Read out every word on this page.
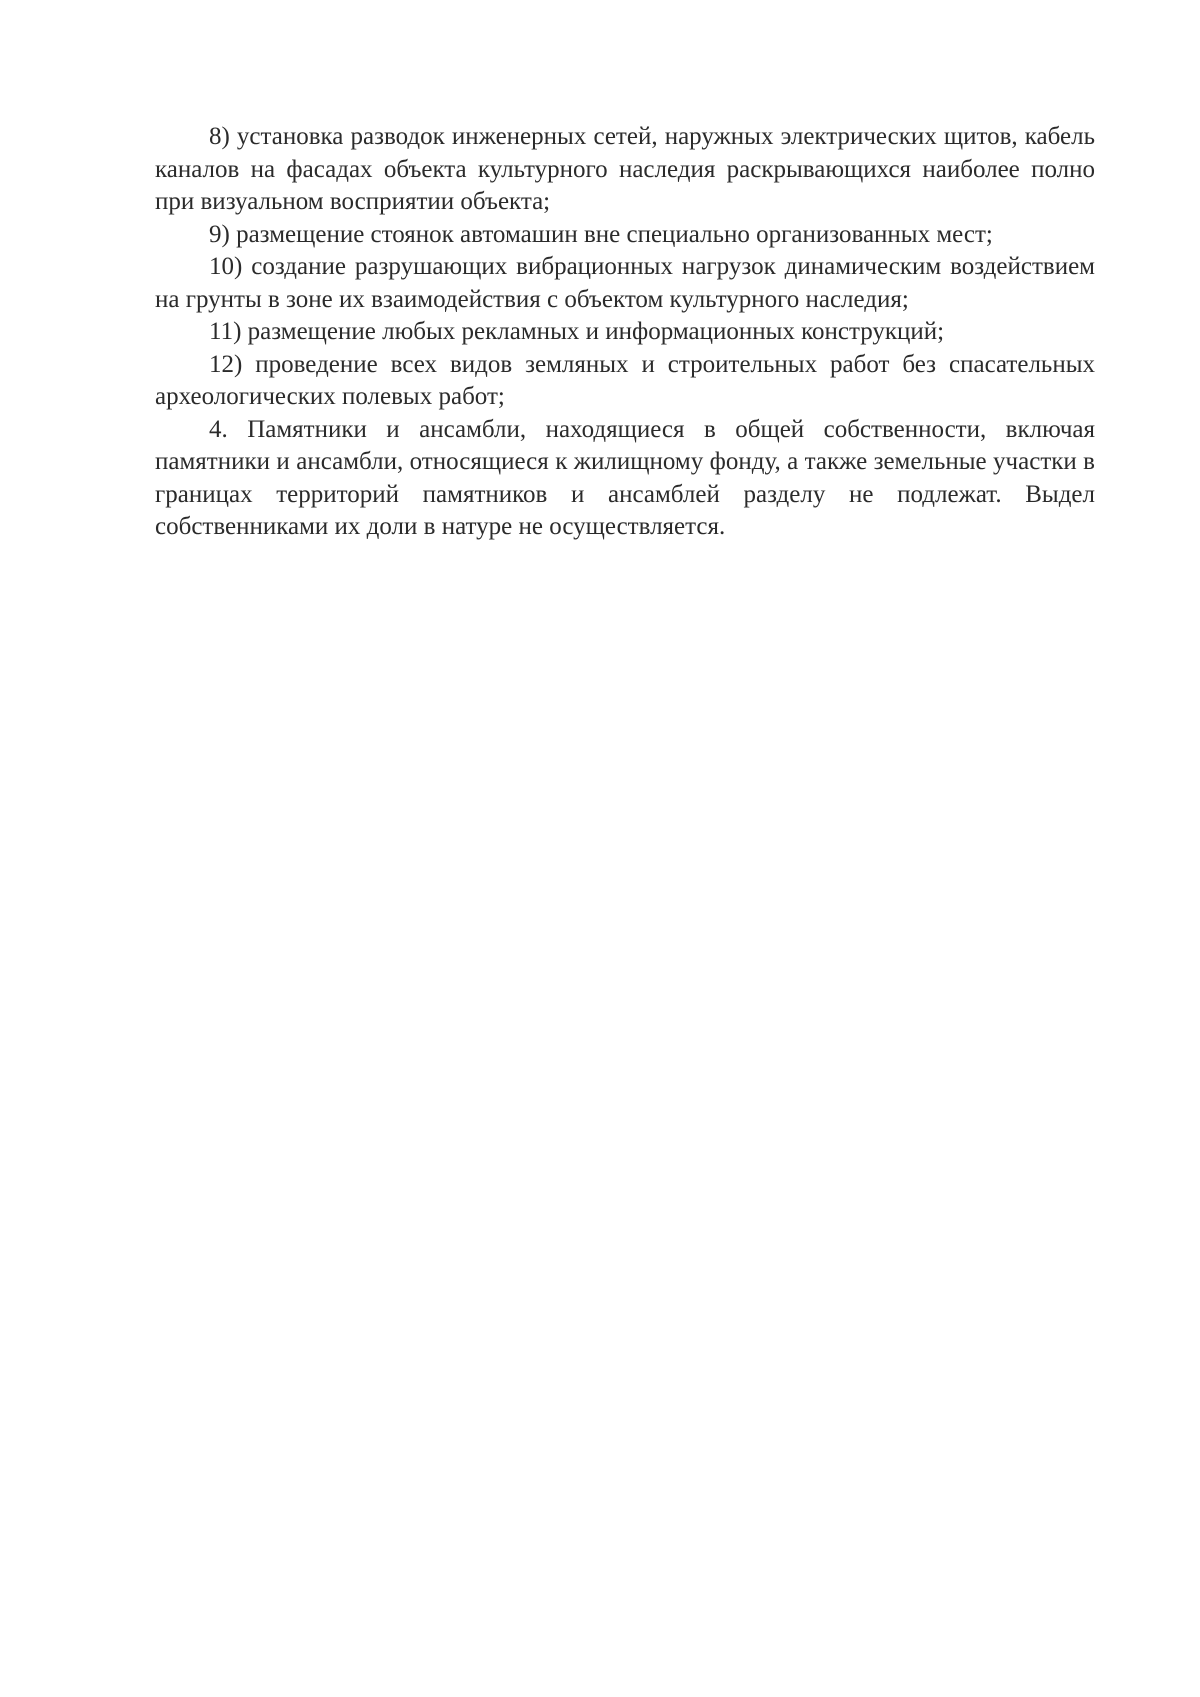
8) установка разводок инженерных сетей, наружных электрических щитов, кабель каналов на фасадах объекта культурного наследия раскрывающихся наиболее полно при визуальном восприятии объекта;

9) размещение стоянок автомашин вне специально организованных мест;

10) создание разрушающих вибрационных нагрузок динамическим воздействием на грунты в зоне их взаимодействия с объектом культурного наследия;

11) размещение любых рекламных и информационных конструкций;

12) проведение всех видов земляных и строительных работ без спасательных археологических полевых работ;

4. Памятники и ансамбли, находящиеся в общей собственности, включая памятники и ансамбли, относящиеся к жилищному фонду, а также земельные участки в границах территорий памятников и ансамблей разделу не подлежат. Выдел собственниками их доли в натуре не осуществляется.
